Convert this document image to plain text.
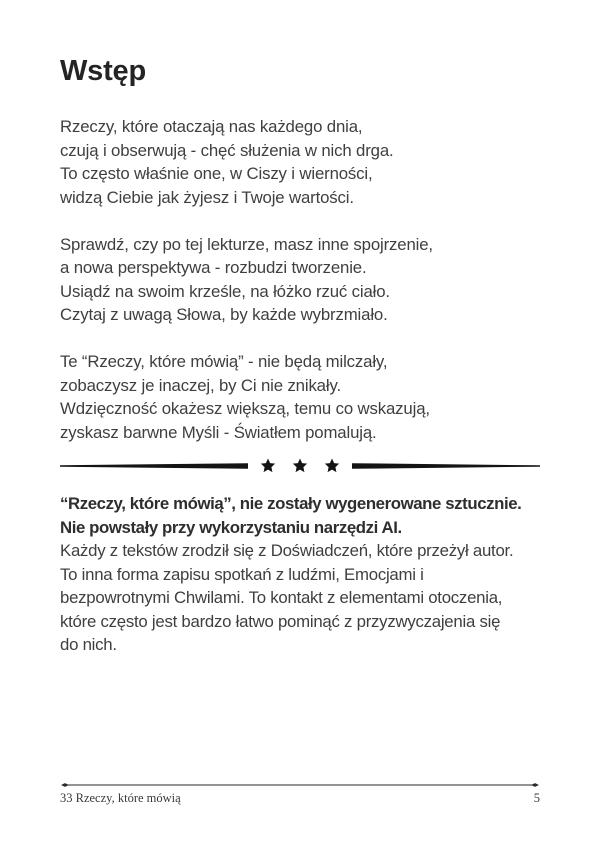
Wstęp
Rzeczy, które otaczają nas każdego dnia,
czują i obserwują - chęć służenia w nich drga.
To często właśnie one, w Ciszy i wierności,
widzą Ciebie jak żyjesz i Twoje wartości.
Sprawdź, czy po tej lekturze, masz inne spojrzenie,
a nowa perspektywa - rozbudzi tworzenie.
Usiądź na swoim krześle, na łóżko rzuć ciało.
Czytaj z uwagą Słowa, by każde wybrzmiało.
Te “Rzeczy, które mówią” - nie będą milczały,
zobaczysz je inaczej, by Ci nie znikały.
Wdzięczność okażesz większą, temu co wskazują,
zyskasz barwne Myśli - Światłem pomalują.
“Rzeczy, które mówią”, nie zostały wygenerowane sztucznie.
Nie powstały przy wykorzystaniu narzędzi AI.
Każdy z tekstów zrodził się z Doświadczeń, które przeżył autor.
To inna forma zapisu spotkań z ludźmi, Emocjami i
bezpowrotnymi Chwilami. To kontakt z elementami otoczenia,
które często jest bardzo łatwo pominąć z przyzwyczajenia się
do nich.
33 Rzeczy, które mówią	5
